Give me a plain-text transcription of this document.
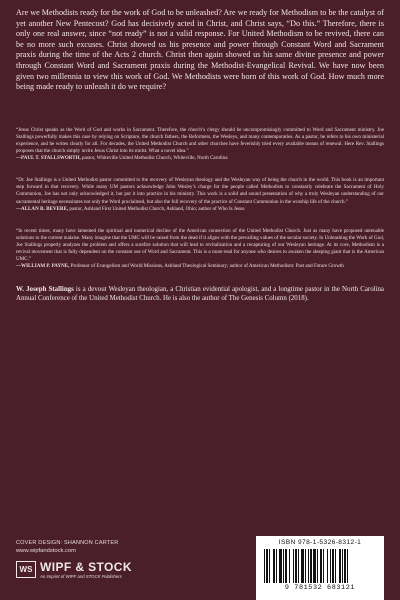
Are we Methodists ready for the work of God to be unleashed? Are we ready for Methodism to be the catalyst of yet another New Pentecost? God has decisively acted in Christ, and Christ says, “Do this.” Therefore, there is only one real answer, since “not ready” is not a valid response. For United Methodism to be revived, there can be no more such excuses. Christ showed us his presence and power through Constant Word and Sacrament praxis during the time of the Acts 2 church. Christ then again showed us his same divine presence and power through Constant Word and Sacrament praxis during the Methodist-Evangelical Revival. We have now been given two millennia to view this work of God. We Methodists were born of this work of God. How much more being made ready to unleash it do we require?

“Jesus Christ speaks as the Word of God and works in Sacrament. Therefore, the church’s clergy should be uncompromisingly committed to Word and Sacrament ministry. Joe Stallings powerfully makes this case by relying on Scripture, the church fathers, the Reformers, the Wesleys, and many contemporaries. As a pastor, he refers to his own ministerial experience, and he writes clearly for all. For decades, the United Methodist Church and other churches have feverishly tried every available means of renewal. Here Rev. Stallings proposes that the church simply invite Jesus Christ into its midst. What a novel idea.”

—PAUL T. STALLSWORTH, pastor, Whiteville United Methodist Church, Whiteville, North Carolina

“Dr. Joe Stallings is a United Methodist pastor committed to the recovery of Wesleyan theology and the Wesleyan way of being the church in the world. This book is an important step forward in that recovery. While many UM pastors acknowledge John Wesley’s charge for the people called Methodists to constantly celebrate the Sacrament of Holy Communion, Joe has not only acknowledged it, but put it into practice in his ministry. This work is a solid and sound presentation of why a truly Wesleyan understanding of our sacramental heritage necessitates not only the Word proclaimed, but also the full recovery of the practice of Constant Communion in the worship life of the church.”

—ALLAN R. BEVERE, pastor, Ashland First United Methodist Church, Ashland, Ohio; author of Who Is Jesus

“In recent times, many have lamented the spiritual and numerical decline of the American connection of the United Methodist Church. Just as many have proposed untenable solutions to the current malaise. Many imagine that the UMC will be raised from the dead if it aligns with the prevailing values of the secular society. In Unleashing the Work of God, Joe Stallings properly analyzes the problem and offers a surefire solution that will lead to revitalization and a recapturing of our Wesleyan heritage. At its core, Methodism is a revival movement that is fully dependent on the constant use of Word and Sacrament. This is a must-read for anyone who desires to awaken the sleeping giant that is the American UMC.”

—WILLIAM P. PAYNE, Professor of Evangelism and World Missions, Ashland Theological Seminary; author of American Methodism: Past and Future Growth

W. Joseph Stallings is a devout Wesleyan theologian, a Christian evidential apologist, and a longtime pastor in the North Carolina Annual Conference of the United Methodist Church. He is also the author of The Genesis Column (2018).

COVER DESIGN: SHANNON CARTER
www.wipfandstock.com
WS WIPF & STOCK
An Imprint of WIPF and STOCK Publishers
ISBN 978-1-5326-8312-1
9 781532 683121
